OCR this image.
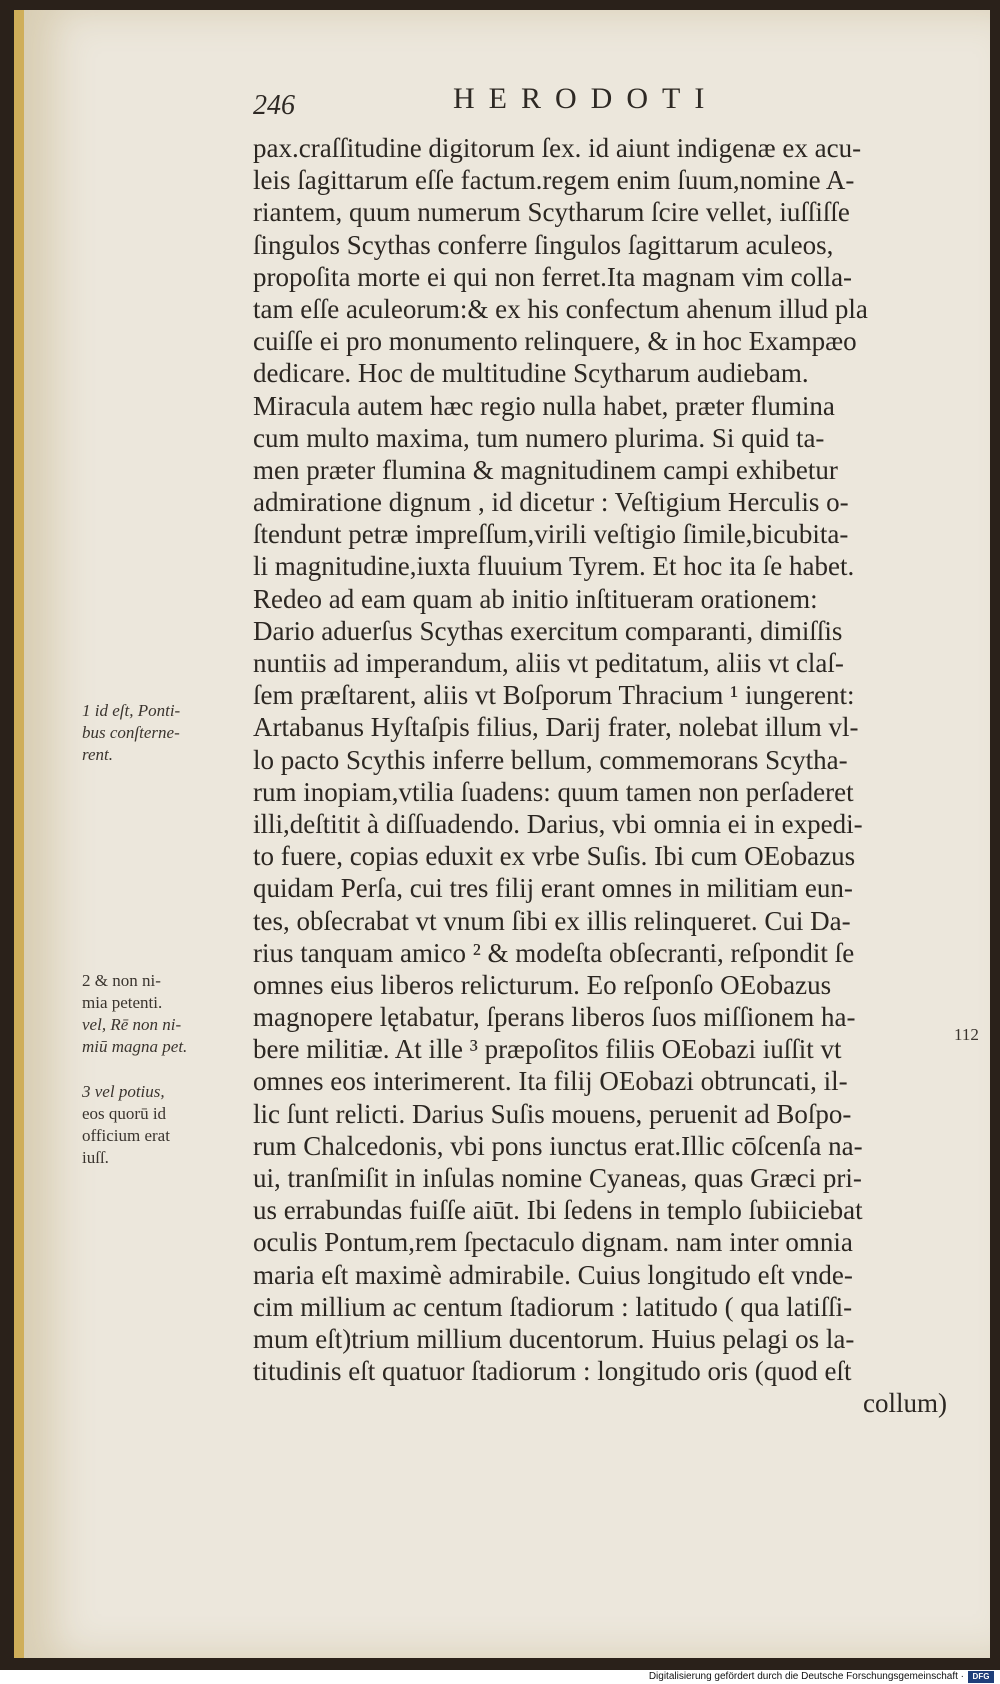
246	HERODOTI
pax.craſſitudine digitorum ſex. id aiunt indigenæ ex acu-
leis ſagittarum eſſe factum.regem enim ſuum,nomine A-
riantem, quum numerum Scytharum ſcire vellet, iuſſiſſe
ſingulos Scythas conferre ſingulos ſagittarum aculeos,
propoſita morte ei qui non ferret.Ita magnam vim colla-
tam eſſe aculeorum:& ex his confectum ahenum illud pla
cuiſſe ei pro monumento relinquere, & in hoc Exampæo
dedicare. Hoc de multitudine Scytharum audiebam.
Miracula autem hæc regio nulla habet, præter flumina
cum multo maxima, tum numero plurima. Si quid ta-
men præter flumina & magnitudinem campi exhibetur
admiratione dignum , id dicetur : Veſtigium Herculis o-
ſtendunt petræ impreſſum,virili veſtigio ſimile,bicubita-
li magnitudine,iuxta fluuium Tyrem. Et hoc ita ſe habet.
Redeo ad eam quam ab initio inſtitueram orationem:
Dario aduerſus Scythas exercitum comparanti, dimiſſis
nuntiis ad imperandum, aliis vt peditatum, aliis vt claſ-
ſem præſtarent, aliis vt Boſporum Thracium ¹ iungerent:
Artabanus Hyſtaſpis filius, Darij frater, nolebat illum vl-
lo pacto Scythis inferre bellum, commemorans Scytha-
rum inopiam,vtilia ſuadens: quum tamen non perſaderet
illi,deſtitit à diſſuadendo. Darius, vbi omnia ei in expedi-
to fuere, copias eduxit ex vrbe Suſis. Ibi cum OEobazus
quidam Perſa, cui tres filij erant omnes in militiam eun-
tes, obſecrabat vt vnum ſibi ex illis relinqueret. Cui Da-
rius tanquam amico ² & modeſta obſecranti, reſpondit ſe
omnes eius liberos relicturum. Eo reſponſo OEobazus
magnopere lętabatur, ſperans liberos ſuos miſſionem ha-
bere militiæ. At ille ³ præpoſitos filiis OEobazi iuſſit vt
omnes eos interimerent. Ita filij OEobazi obtruncati, il-
lic ſunt relicti. Darius Suſis mouens, peruenit ad Boſpo-
rum Chalcedonis, vbi pons iunctus erat.Illic cōſcenſa na-
ui, tranſmiſit in inſulas nomine Cyaneas, quas Græci pri-
us errabundas fuiſſe aiūt. Ibi ſedens in templo ſubiiciebat
oculis Pontum,rem ſpectaculo dignam. nam inter omnia
maria eſt maximè admirabile. Cuius longitudo eſt vnde-
cim millium ac centum ſtadiorum : latitudo ( qua latiſſi-
mum eſt)trium millium ducentorum. Huius pelagi os la-
titudinis eſt quatuor ſtadiorum : longitudo oris (quod eſt
collum)
1 id eſt, Ponti-
bus conſterne-
rent.
2 & non ni-
mia petenti.
vel, Rē non ni-
miū magna pet.
3 vel potius,
eos quorū id
officium erat
iuſſ.
112
Digitalisierung gefördert durch die Deutsche Forschungsgemeinschaft ·	DFG
